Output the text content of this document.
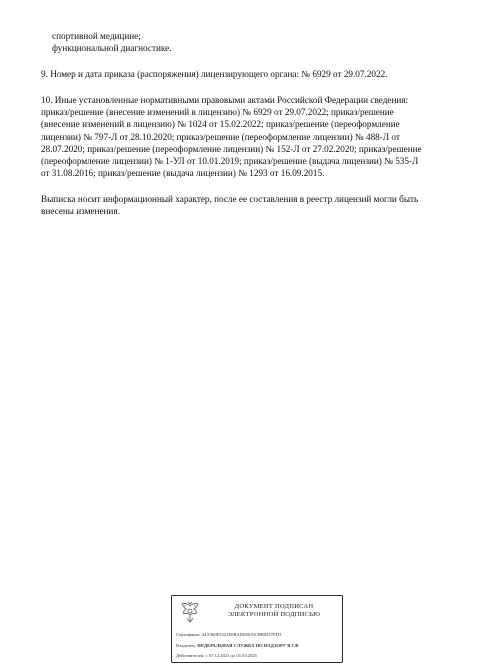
спортивной медицине;
функциональной диагностике.
9. Номер и дата приказа (распоряжения) лицензирующего органа: № 6929 от 29.07.2022.
10. Иные установленные нормативными правовыми актами Российской Федерации сведения:
приказ/решение (внесение изменений в лицензию) № 6929 от 29.07.2022; приказ/решение
(внесение изменений в лицензию) № 1024 от 15.02.2022; приказ/решение (переоформление
лицензии) № 797-Л от 28.10.2020; приказ/решение (переоформление лицензии) № 488-Л от
28.07.2020; приказ/решение (переоформление лицензии) № 152-Л от 27.02.2020; приказ/решение
(переоформление лицензии) № 1-УЛ от 10.01.2019; приказ/решение (выдача лицензии) № 535-Л
от 31.08.2016; приказ/решение (выдача лицензии) № 1293 от 16.09.2015.
Выписка носит информационный характер, после ее составления в реестр лицензий могли быть
внесены изменения.
ДОКУМЕНТ ПОДПИСАН
ЭЛЕКТРОННОЙ ПОДПИСЬЮ
Сертификат: 44A369F5521E0BAD08619CBB8257ED3
Владелец: ФЕДЕРАЛЬНАЯ СЛУЖБА ПО НАДЗОРУ В СФ
Действителен: с 07.12.2023 до 01.03.2025
